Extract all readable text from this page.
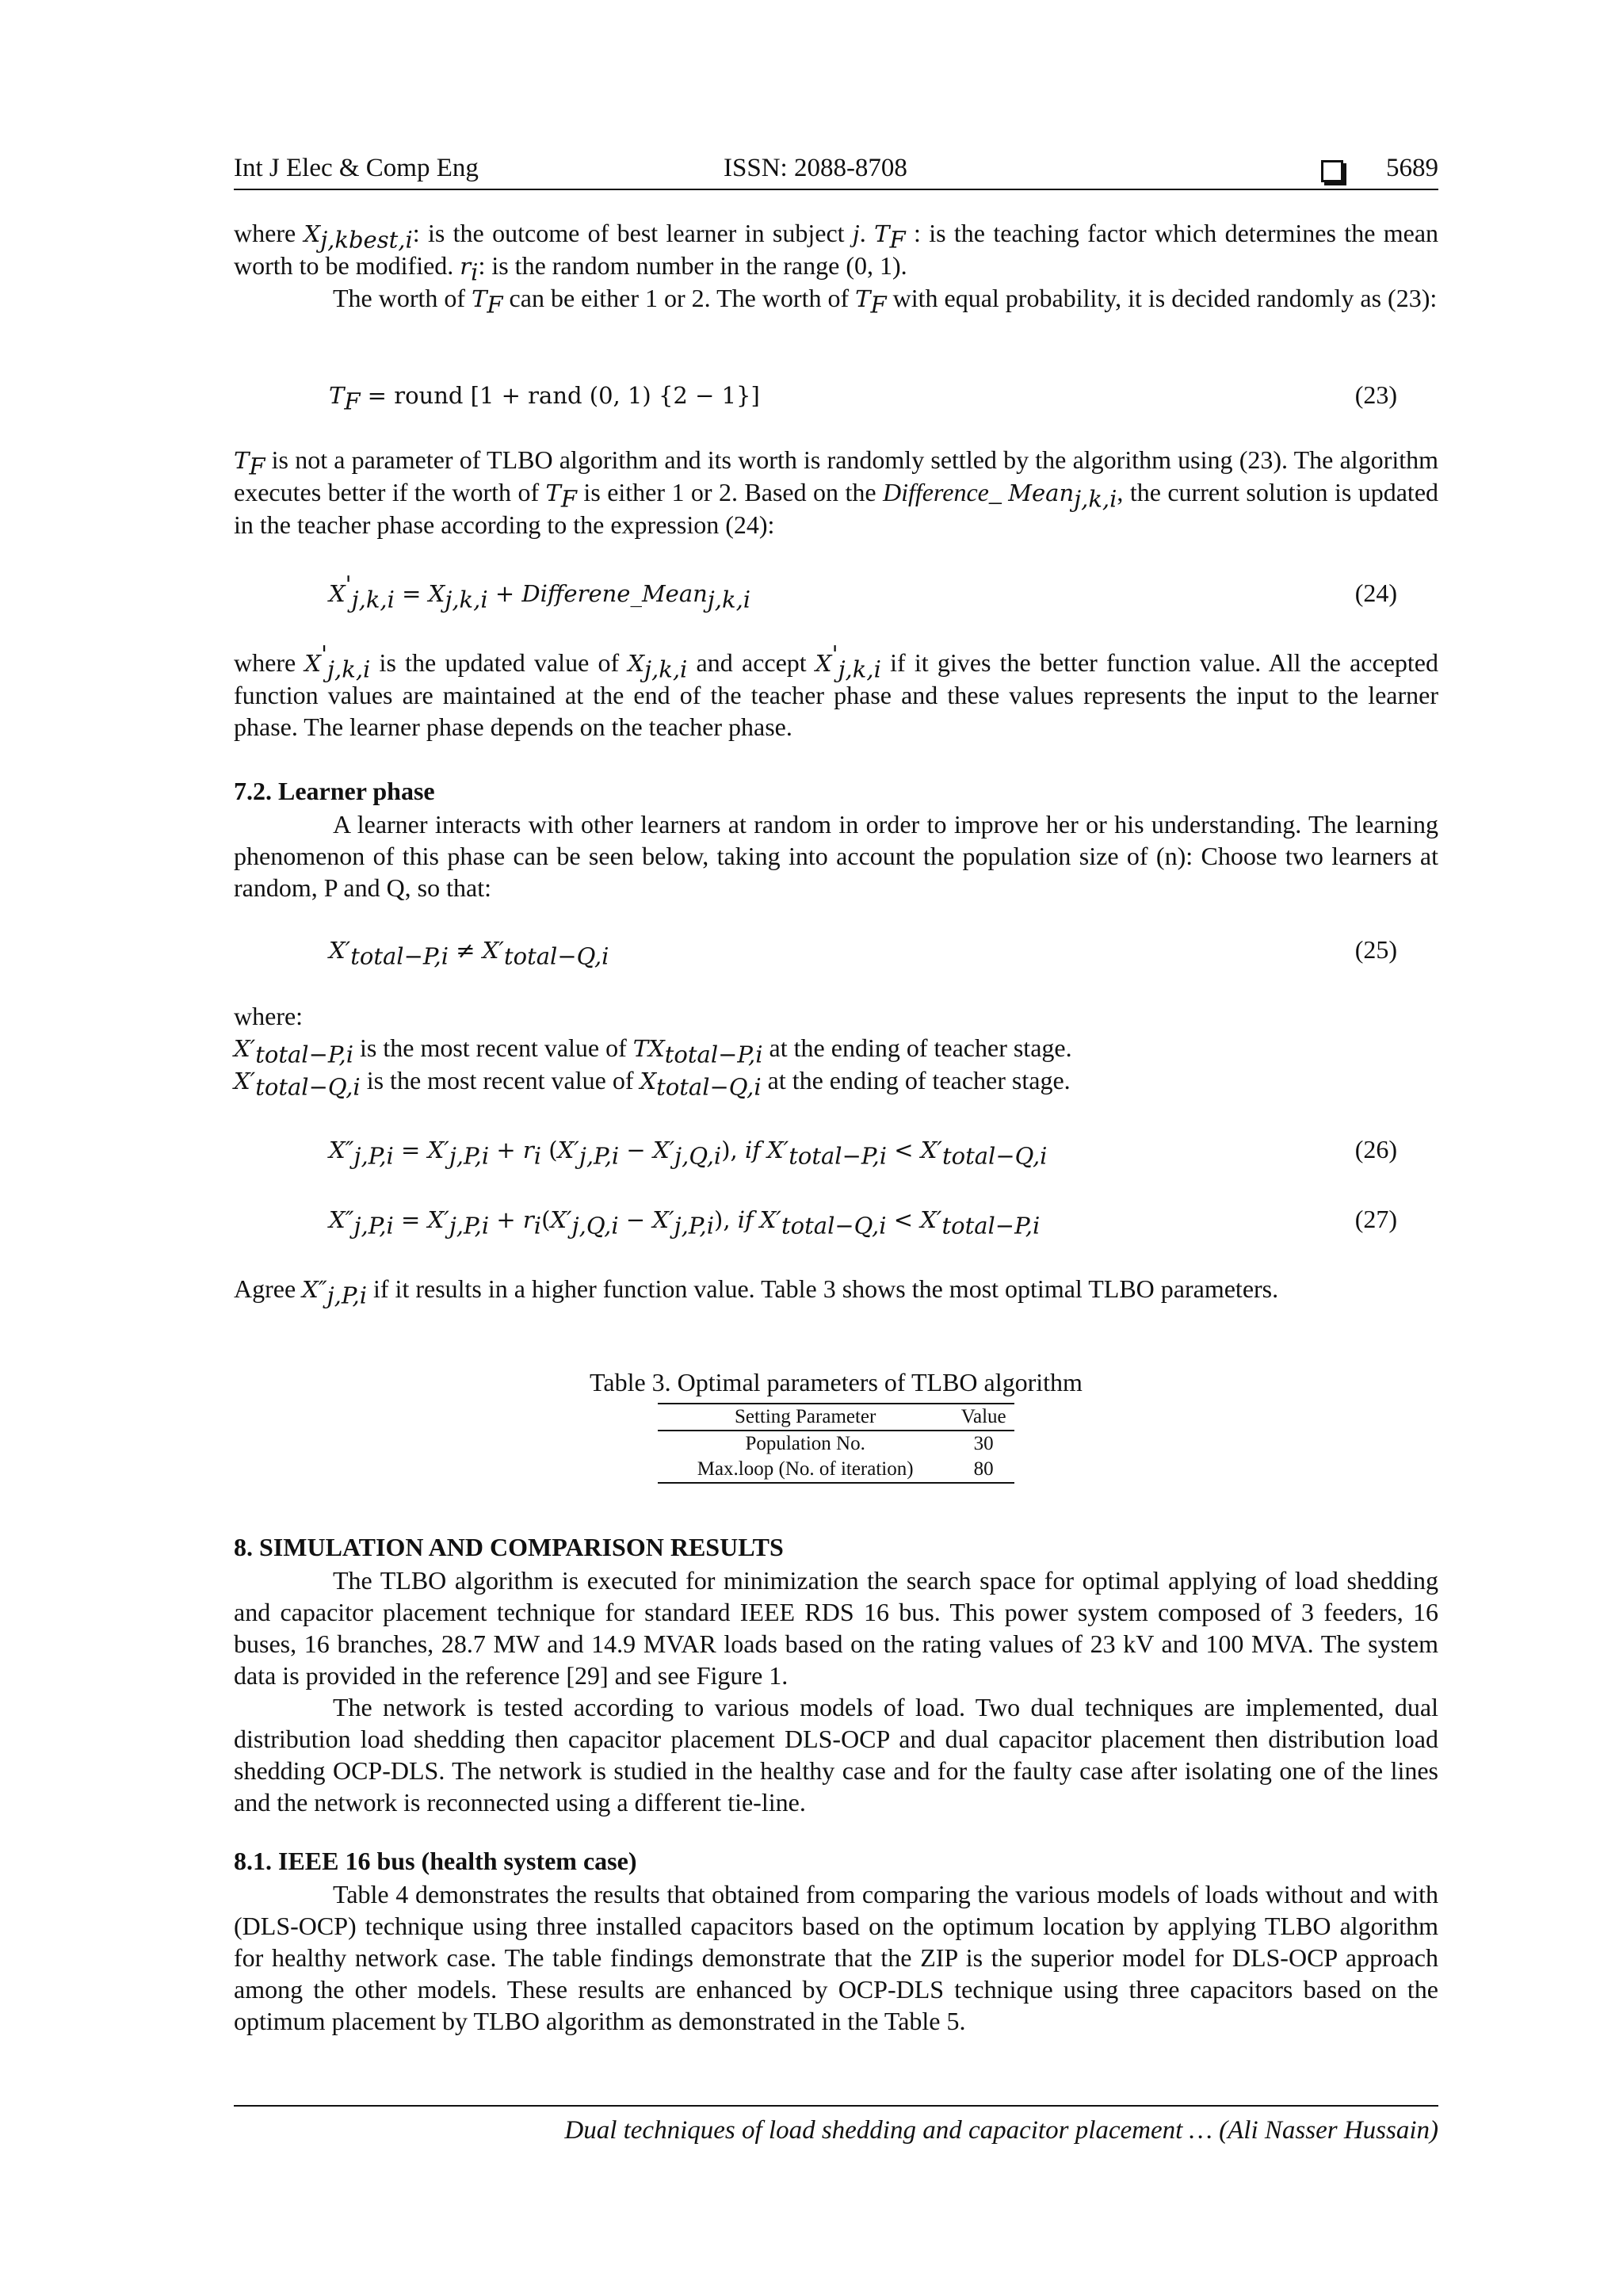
Int J Elec & Comp Eng	ISSN: 2088-8708	5689

where $X_{j,kbest,i}$: is the outcome of best learner in subject j. $T_F$ : is the teaching factor which determines the mean worth to be modified. $r_i$: is the random number in the range (0, 1).

The worth of $T_F$ can be either 1 or 2. The worth of $T_F$ with equal probability, it is decided randomly as (23):

$T_F$ = round [1 + rand (0, 1) {2 − 1}]	(23)

$T_F$ is not a parameter of TLBO algorithm and its worth is randomly settled by the algorithm using (23). The algorithm executes better if the worth of $T_F$ is either 1 or 2. Based on the Difference_ Mean$_{j,k,i}$, the current solution is updated in the teacher phase according to the expression (24):

$X'_{j,k,i} = X_{j,k,i}$ + Differene_Mean$_{j,k,i}$	(24)

where $X'_{j,k,i}$ is the updated value of $X_{j,k,i}$ and accept $X'_{j,k,i}$ if it gives the better function value. All the accepted function values are maintained at the end of the teacher phase and these values represents the input to the learner phase. The learner phase depends on the teacher phase.

7.2. Learner phase

A learner interacts with other learners at random in order to improve her or his understanding. The learning phenomenon of this phase can be seen below, taking into account the population size of (n): Choose two learners at random, P and Q, so that:

$X'_{total-P,i} \ne X'_{total-Q,i}$	(25)

where:

$X'_{total-P,i}$ is the most recent value of $TX_{total-P,i}$ at the ending of teacher stage.

$X'_{total-Q,i}$ is the most recent value of $X_{total-Q,i}$ at the ending of teacher stage.

$X''_{j,P,i} = X'_{j,P,i} + r_i$ $(X'_{j,P,i} - X'_{j,Q,i})$, if $X'_{total-P,i} < X'_{total-Q,i}$	(26)
$X''_{j,P,i} = X'_{j,P,i} + r_i(X'_{j,Q,i} - X'_{j,P,i})$, if $X'_{total-Q,i} < X'_{total-P,i}$	(27)

Agree $X''_{j,P,i}$ if it results in a higher function value. Table 3 shows the most optimal TLBO parameters.

Table 3. Optimal parameters of TLBO algorithm
Setting Parameter	Value
Population No.	30
Max.loop (No. of iteration)	80
8. SIMULATION AND COMPARISON RESULTS

The TLBO algorithm is executed for minimization the search space for optimal applying of load shedding and capacitor placement technique for standard IEEE RDS 16 bus. This power system composed of 3 feeders, 16 buses, 16 branches, 28.7 MW and 14.9 MVAR loads based on the rating values of 23 kV and 100 MVA. The system data is provided in the reference [29] and see Figure 1.

The network is tested according to various models of load. Two dual techniques are implemented, dual distribution load shedding then capacitor placement DLS-OCP and dual capacitor placement then distribution load shedding OCP-DLS. The network is studied in the healthy case and for the faulty case after isolating one of the lines and the network is reconnected using a different tie-line.

8.1. IEEE 16 bus (health system case)

Table 4 demonstrates the results that obtained from comparing the various models of loads without and with (DLS-OCP) technique using three installed capacitors based on the optimum location by applying TLBO algorithm for healthy network case. The table findings demonstrate that the ZIP is the superior model for DLS-OCP approach among the other models. These results are enhanced by OCP-DLS technique using three capacitors based on the optimum placement by TLBO algorithm as demonstrated in the Table 5.

Dual techniques of load shedding and capacitor placement … (Ali Nasser Hussain)
